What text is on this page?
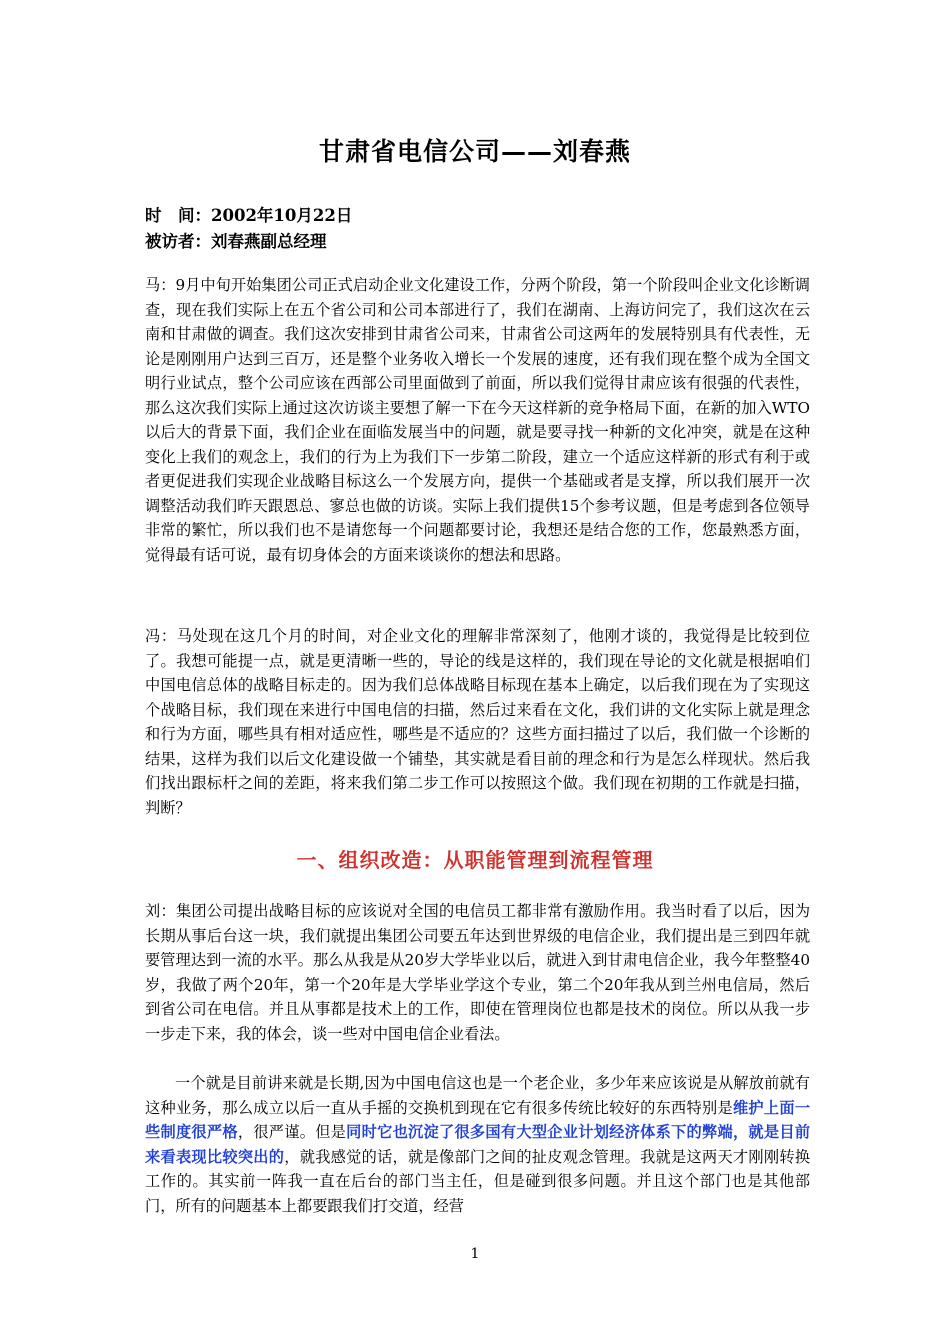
甘肃省电信公司——刘春燕
时　间：2002年10月22日
被访者：刘春燕副总经理
马：9月中旬开始集团公司正式启动企业文化建设工作，分两个阶段，第一个阶段叫企业文化诊断调查，现在我们实际上在五个省公司和公司本部进行了，我们在湖南、上海访问完了，我们这次在云南和甘肃做的调查。我们这次安排到甘肃省公司来，甘肃省公司这两年的发展特别具有代表性，无论是刚刚用户达到三百万，还是整个业务收入增长一个发展的速度，还有我们现在整个成为全国文明行业试点，整个公司应该在西部公司里面做到了前面，所以我们觉得甘肃应该有很强的代表性，那么这次我们实际上通过这次访谈主要想了解一下在今天这样新的竞争格局下面，在新的加入WTO以后大的背景下面，我们企业在面临发展当中的问题，就是要寻找一种新的文化冲突，就是在这种变化上我们的观念上，我们的行为上为我们下一步第二阶段，建立一个适应这样新的形式有利于或者更促进我们实现企业战略目标这么一个发展方向，提供一个基础或者是支撑，所以我们展开一次调整活动我们昨天跟恩总、寥总也做的访谈。实际上我们提供15个参考议题，但是考虑到各位领导非常的繁忙，所以我们也不是请您每一个问题都要讨论，我想还是结合您的工作，您最熟悉方面，觉得最有话可说，最有切身体会的方面来谈谈你的想法和思路。
冯：马处现在这几个月的时间，对企业文化的理解非常深刻了，他刚才谈的，我觉得是比较到位了。我想可能提一点，就是更清晰一些的，导论的线是这样的，我们现在导论的文化就是根据咱们中国电信总体的战略目标走的。因为我们总体战略目标现在基本上确定，以后我们现在为了实现这个战略目标，我们现在来进行中国电信的扫描，然后过来看在文化，我们讲的文化实际上就是理念和行为方面，哪些具有相对适应性，哪些是不适应的？这些方面扫描过了以后，我们做一个诊断的结果，这样为我们以后文化建设做一个铺垫，其实就是看目前的理念和行为是怎么样现状。然后我们找出跟标杆之间的差距，将来我们第二步工作可以按照这个做。我们现在初期的工作就是扫描，判断？
一、组织改造：从职能管理到流程管理
刘：集团公司提出战略目标的应该说对全国的电信员工都非常有激励作用。我当时看了以后，因为长期从事后台这一块，我们就提出集团公司要五年达到世界级的电信企业，我们提出是三到四年就要管理达到一流的水平。那么从我是从20岁大学毕业以后，就进入到甘肃电信企业，我今年整整40岁，我做了两个20年，第一个20年是大学毕业学这个专业，第二个20年我从到兰州电信局，然后到省公司在电信。并且从事都是技术上的工作，即使在管理岗位也都是技术的岗位。所以从我一步一步走下来，我的体会，谈一些对中国电信企业看法。
一个就是目前讲来就是长期,因为中国电信这也是一个老企业，多少年来应该说是从解放前就有这种业务，那么成立以后一直从手摇的交换机到现在它有很多传统比较好的东西特别是维护上面一些制度很严格，很严谨。但是同时它也沉淀了很多国有大型企业计划经济体系下的弊端，就是目前来看表现比较突出的，就我感觉的话，就是像部门之间的扯皮观念管理。我就是这两天才刚刚转换工作的。其实前一阵我一直在后台的部门当主任，但是碰到很多问题。并且这个部门也是其他部门，所有的问题基本上都要跟我们打交道，经营
1
